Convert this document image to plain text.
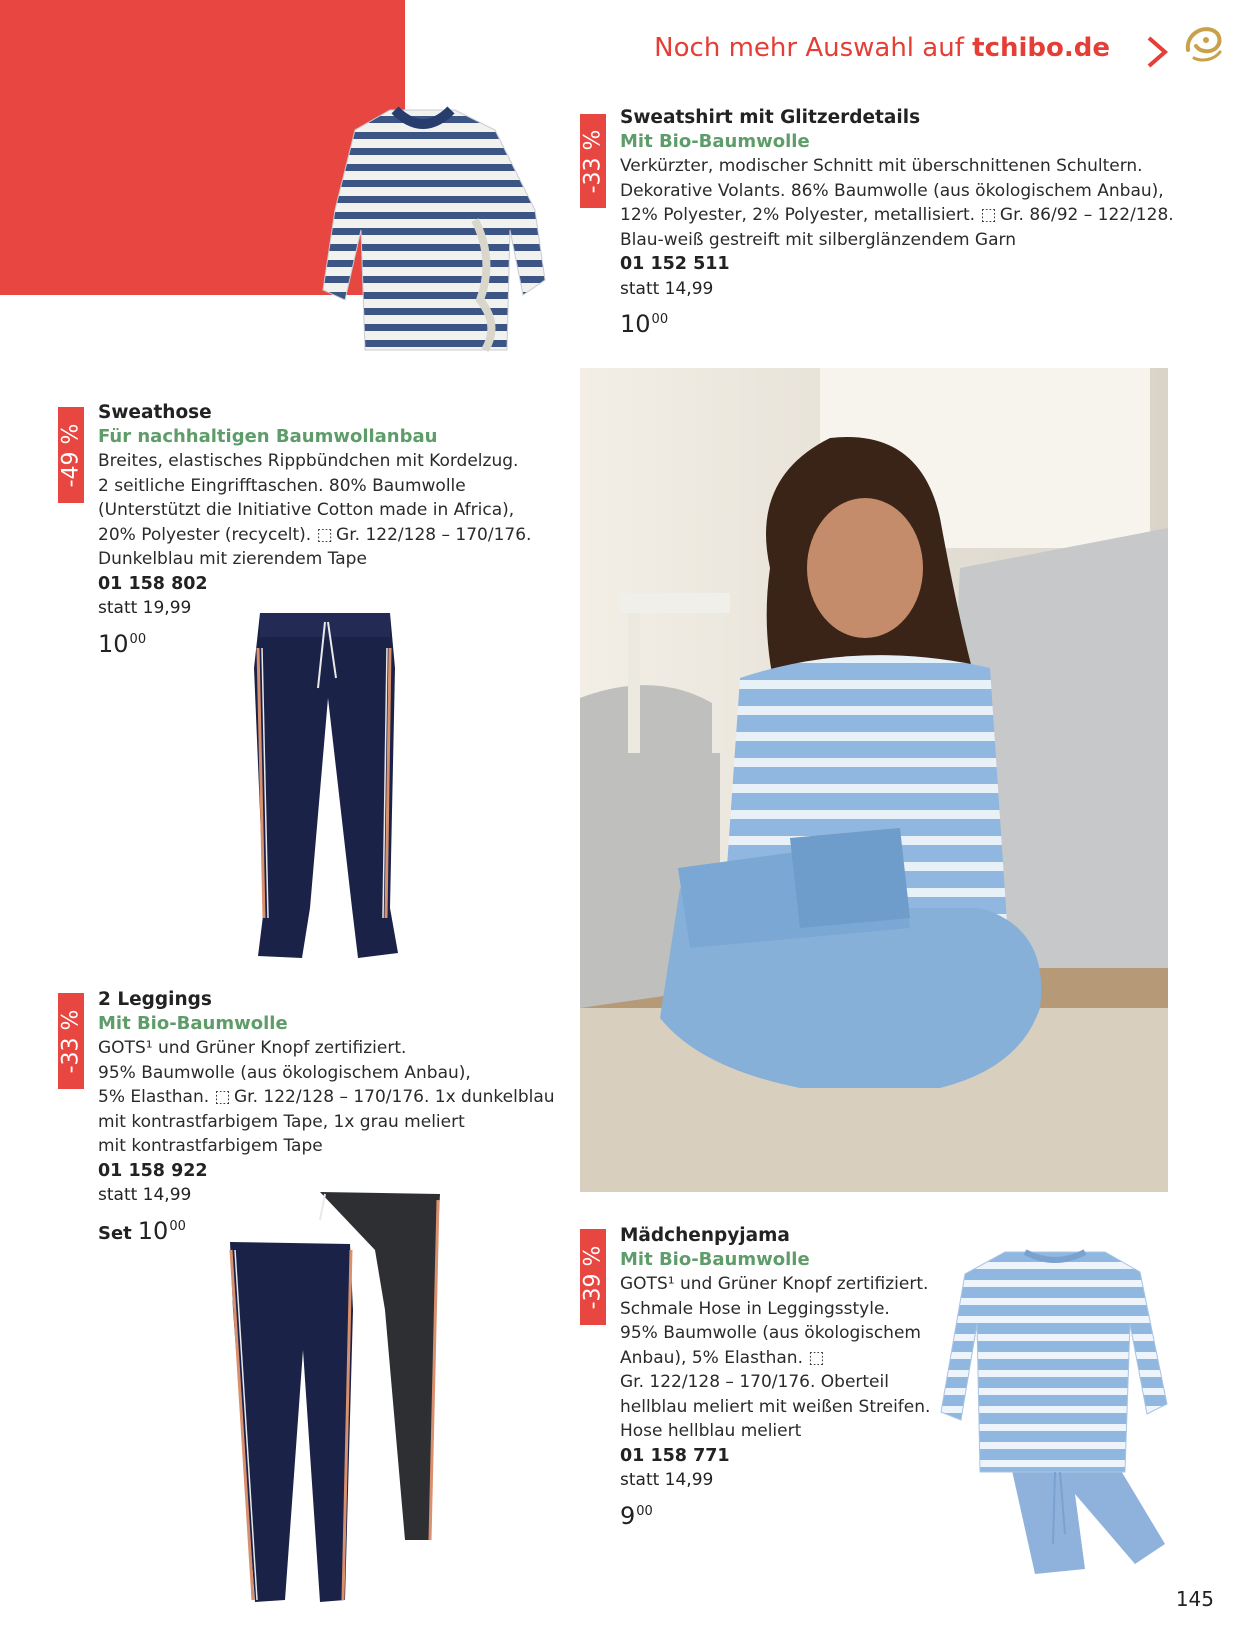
Noch mehr Auswahl auf tchibo.de
-33 %
Sweatshirt mit Glitzerdetails
Mit Bio-Baumwolle

Verkürzter, modischer Schnitt mit überschnittenen Schultern.

Dekorative Volants. 86% Baumwolle (aus ökologischem Anbau),

12% Polyester, 2% Polyester, metallisiert. ⬚ Gr. 86/92 – 122/128.

Blau-weiß gestreift mit silberglänzendem Garn

01 152 511
statt 14,99
$10^{00}$
-49 %
Sweathose
Für nachhaltigen Baumwollanbau

Breites, elastisches Rippbündchen mit Kordelzug.

2 seitliche Eingrifftaschen. 80% Baumwolle

(Unterstützt die Initiative Cotton made in Africa),

20% Polyester (recycelt). ⬚ Gr. 122/128 – 170/176.

Dunkelblau mit zierendem Tape

01 158 802
statt 19,99
$10^{00}$
-33 %
2 Leggings
Mit Bio-Baumwolle

GOTS¹ und Grüner Knopf zertifiziert.

95% Baumwolle (aus ökologischem Anbau),

5% Elasthan. ⬚ Gr. 122/128 – 170/176. 1x dunkelblau

mit kontrastfarbigem Tape, 1x grau meliert

mit kontrastfarbigem Tape

01 158 922
statt 14,99
Set $10^{00}$
-39 %
Mädchenpyjama
Mit Bio-Baumwolle

GOTS¹ und Grüner Knopf zertifiziert.

Schmale Hose in Leggingsstyle.

95% Baumwolle (aus ökologischem

Anbau), 5% Elasthan. ⬚

Gr. 122/128 – 170/176. Oberteil

hellblau meliert mit weißen Streifen.

Hose hellblau meliert

01 158 771
statt 14,99
$9^{00}$
145
